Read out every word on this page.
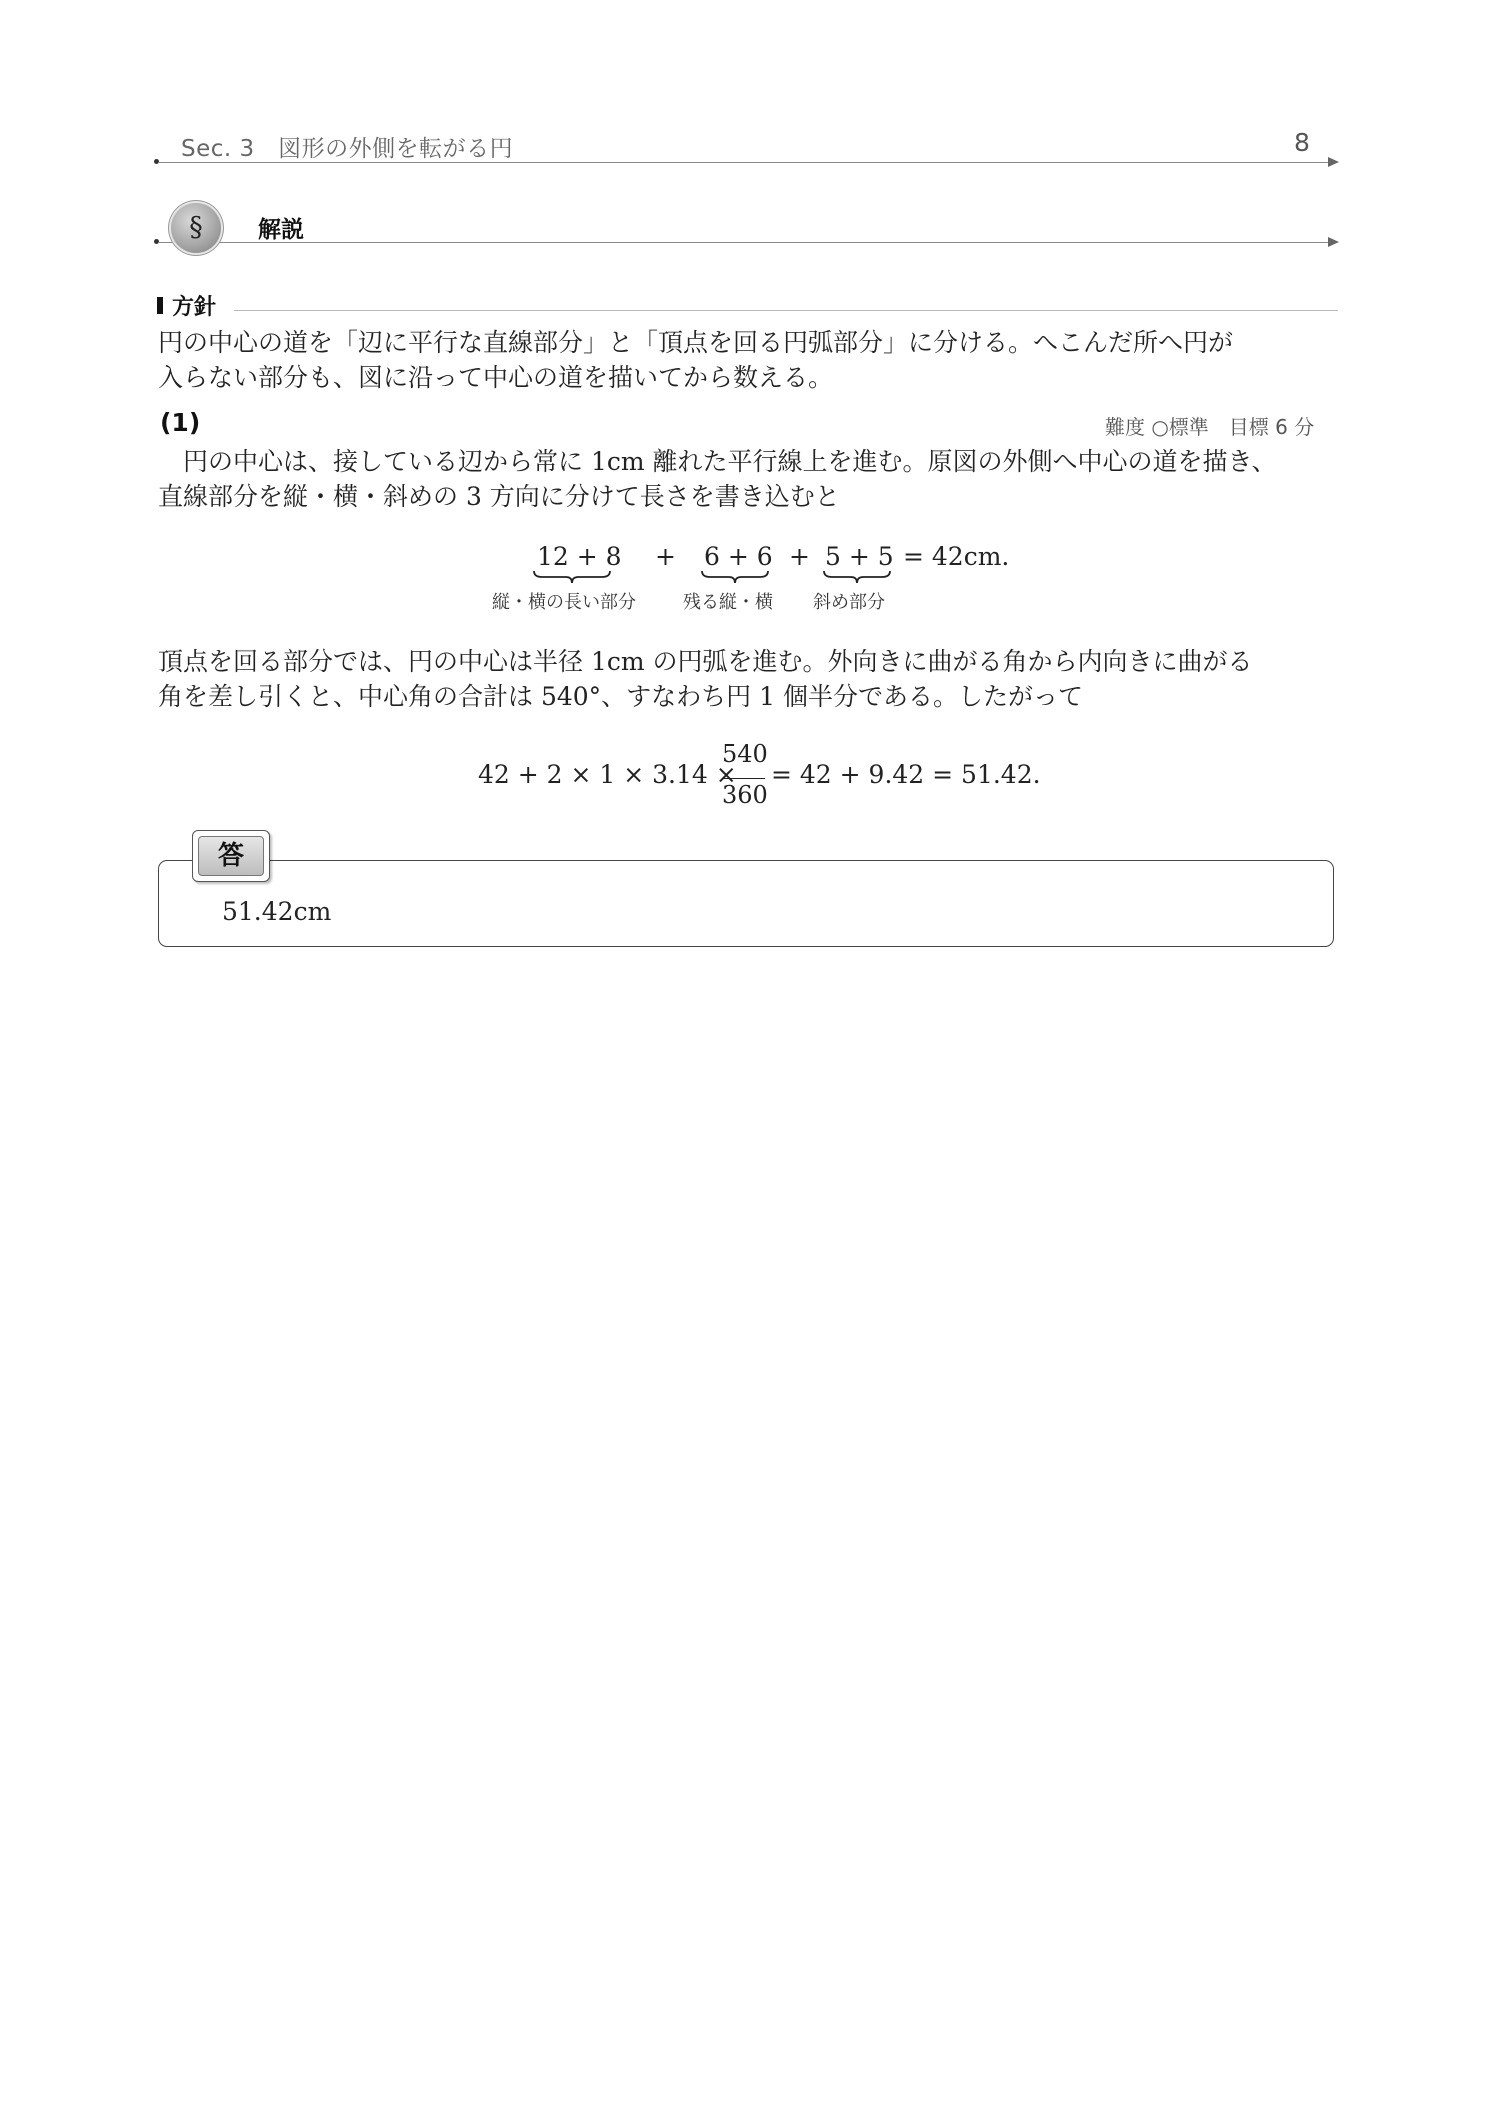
Sec. 3　図形の外側を転がる円	8
§	解説
方針
円の中心の道を「辺に平行な直線部分」と「頂点を回る円弧部分」に分ける。へこんだ所へ円が
入らない部分も、図に沿って中心の道を描いてから数える。
(1)	難度 ○標準　目標 6 分
　円の中心は、接している辺から常に 1cm 離れた平行線上を進む。原図の外側へ中心の道を描き、
直線部分を縦・横・斜めの 3 方向に分けて長さを書き込むと
12 + 8 + 6 + 6 + 5 + 5 = 42cm.
縦・横の長い部分	残る縦・横 斜め部分
頂点を回る部分では、円の中心は半径 1cm の円弧を進む。外向きに曲がる角から内向きに曲がる
角を差し引くと、中心角の合計は 540°、すなわち円 1 個半分である。したがって
42 + 2 × 1 × 3.14 ×
540
360
= 42 + 9.42 = 51.42.
答
51.42cm
